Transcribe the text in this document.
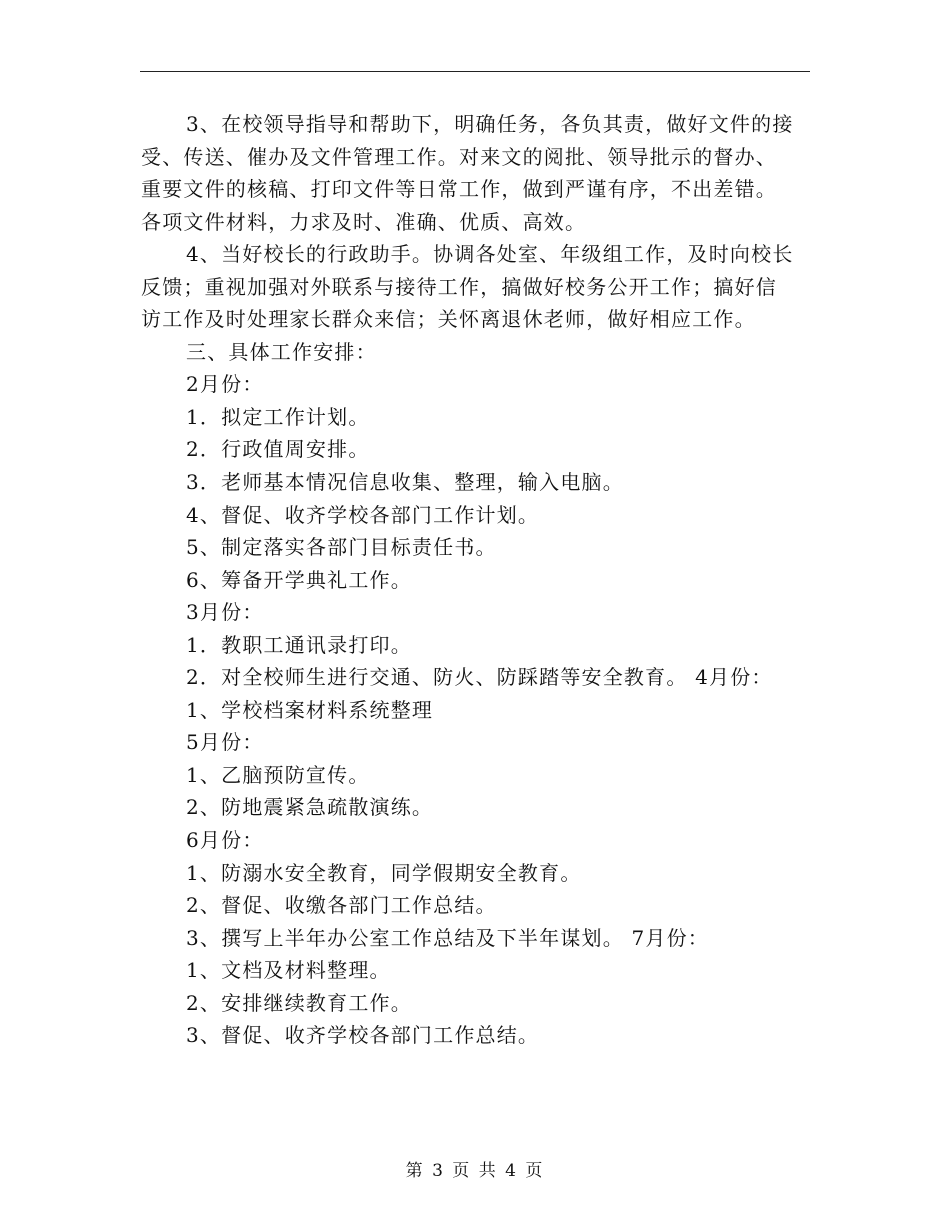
3、在校领导指导和帮助下，明确任务，各负其责，做好文件的接
受、传送、催办及文件管理工作。对来文的阅批、领导批示的督办、
重要文件的核稿、打印文件等日常工作，做到严谨有序，不出差错。
各项文件材料，力求及时、准确、优质、高效。
4、当好校长的行政助手。协调各处室、年级组工作，及时向校长
反馈；重视加强对外联系与接待工作，搞做好校务公开工作；搞好信
访工作及时处理家长群众来信；关怀离退休老师，做好相应工作。
三、具体工作安排：
2月份：
1．拟定工作计划。
2．行政值周安排。
3．老师基本情况信息收集、整理，输入电脑。
4、督促、收齐学校各部门工作计划。
5、制定落实各部门目标责任书。
6、筹备开学典礼工作。
3月份：
1．教职工通讯录打印。
2．对全校师生进行交通、防火、防踩踏等安全教育。 4月份：
1、学校档案材料系统整理
5月份：
1、乙脑预防宣传。
2、防地震紧急疏散演练。
6月份：
1、防溺水安全教育，同学假期安全教育。
2、督促、收缴各部门工作总结。
3、撰写上半年办公室工作总结及下半年谋划。 7月份：
1、文档及材料整理。
2、安排继续教育工作。
3、督促、收齐学校各部门工作总结。
第 3 页 共 4 页
